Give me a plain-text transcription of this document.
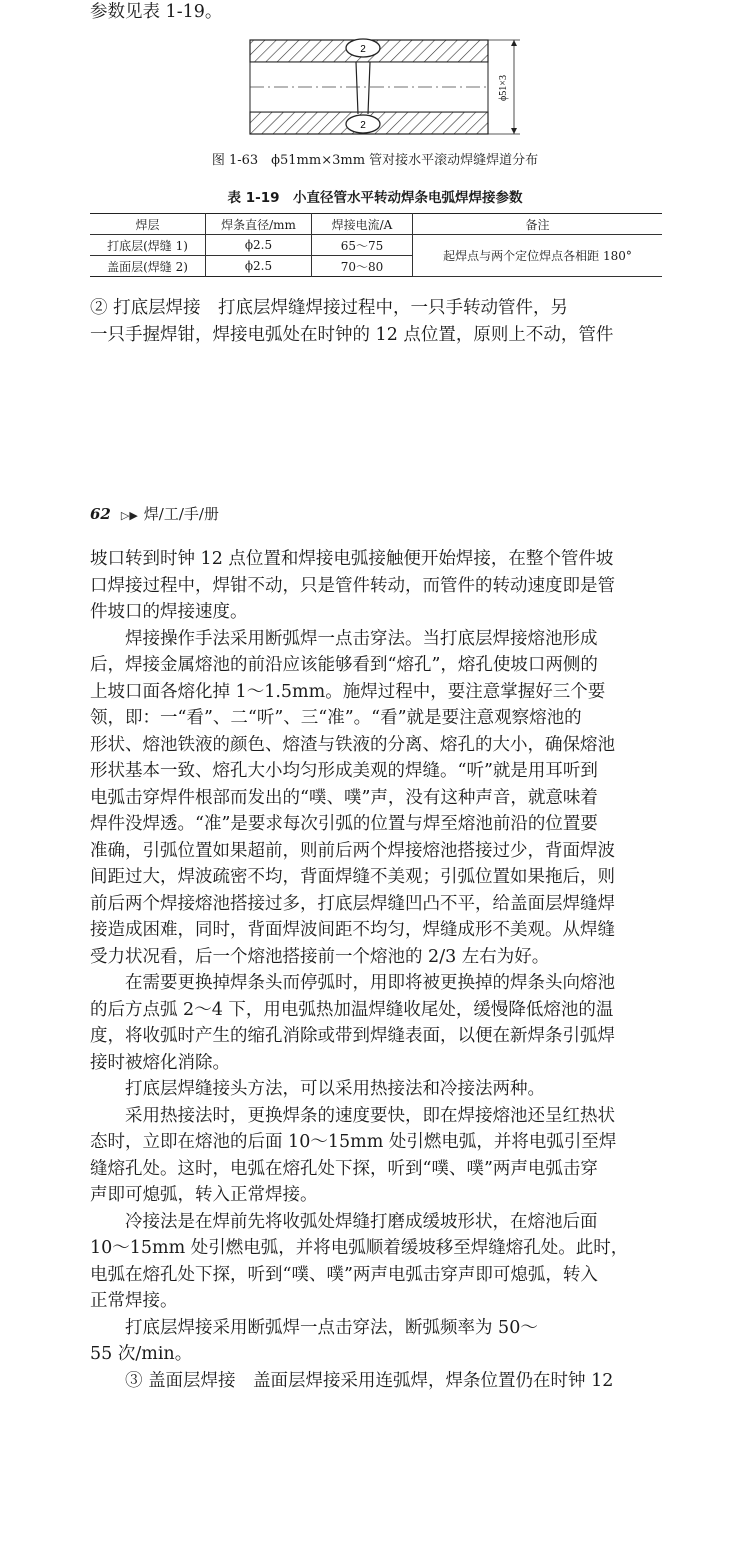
参数见表 1-19。
2
2
ϕ51×3
图 1-63　ϕ51mm×3mm 管对接水平滚动焊缝焊道分布
表 1-19　小直径管水平转动焊条电弧焊焊接参数
焊层	焊条直径/mm	焊接电流/A	备注
打底层(焊缝 1)	ϕ2.5	65～75	起焊点与两个定位焊点各相距 180°
盖面层(焊缝 2)	ϕ2.5	70～80	
② 打底层焊接　打底层焊缝焊接过程中，一只手转动管件，另
一只手握焊钳，焊接电弧处在时钟的 12 点位置，原则上不动，管件
62 ▷▶ 焊/工/手/册
坡口转到时钟 12 点位置和焊接电弧接触便开始焊接，在整个管件坡
口焊接过程中，焊钳不动，只是管件转动，而管件的转动速度即是管
件坡口的焊接速度。
　　焊接操作手法采用断弧焊一点击穿法。当打底层焊接熔池形成
后，焊接金属熔池的前沿应该能够看到“熔孔”，熔孔使坡口两侧的
上坡口面各熔化掉 1～1.5mm。施焊过程中，要注意掌握好三个要
领，即：一“看”、二“听”、三“准”。“看”就是要注意观察熔池的
形状、熔池铁液的颜色、熔渣与铁液的分离、熔孔的大小，确保熔池
形状基本一致、熔孔大小均匀形成美观的焊缝。“听”就是用耳听到
电弧击穿焊件根部而发出的“噗、噗”声，没有这种声音，就意味着
焊件没焊透。“准”是要求每次引弧的位置与焊至熔池前沿的位置要
准确，引弧位置如果超前，则前后两个焊接熔池搭接过少，背面焊波
间距过大，焊波疏密不均，背面焊缝不美观；引弧位置如果拖后，则
前后两个焊接熔池搭接过多，打底层焊缝凹凸不平，给盖面层焊缝焊
接造成困难，同时，背面焊波间距不均匀，焊缝成形不美观。从焊缝
受力状况看，后一个熔池搭接前一个熔池的 2/3 左右为好。
　　在需要更换掉焊条头而停弧时，用即将被更换掉的焊条头向熔池
的后方点弧 2～4 下，用电弧热加温焊缝收尾处，缓慢降低熔池的温
度，将收弧时产生的缩孔消除或带到焊缝表面，以便在新焊条引弧焊
接时被熔化消除。
　　打底层焊缝接头方法，可以采用热接法和冷接法两种。
　　采用热接法时，更换焊条的速度要快，即在焊接熔池还呈红热状
态时，立即在熔池的后面 10～15mm 处引燃电弧，并将电弧引至焊
缝熔孔处。这时，电弧在熔孔处下探，听到“噗、噗”两声电弧击穿
声即可熄弧，转入正常焊接。
　　冷接法是在焊前先将收弧处焊缝打磨成缓坡形状，在熔池后面
10～15mm 处引燃电弧，并将电弧顺着缓坡移至焊缝熔孔处。此时，
电弧在熔孔处下探，听到“噗、噗”两声电弧击穿声即可熄弧，转入
正常焊接。
　　打底层焊接采用断弧焊一点击穿法，断弧频率为 50～
55 次/min。
　　③ 盖面层焊接　盖面层焊接采用连弧焊，焊条位置仍在时钟 12
